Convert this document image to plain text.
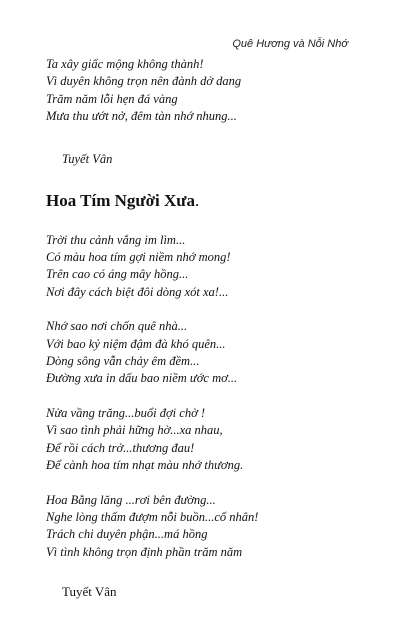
Quê Hương và Nỗi Nhớ
Ta xây giấc mộng không thành!
Vì duyên không trọn nên đành dở dang
Trăm năm lỗi hẹn đá vàng
Mưa thu ướt nở, đêm tàn nhớ nhung...

Tuyết Vân

Hoa Tím Người Xưa.
Trời thu cảnh vắng im lìm...
Có màu hoa tím gợi niềm nhớ mong!
Trên cao có áng mây hồng...
Nơi đây cách biệt đôi dòng xót xa!...
Nhớ sao nơi chốn quê nhà...
Với bao kỷ niệm đậm đà khó quên...
Dòng sông vẫn chảy êm đềm...
Đường xưa in dấu bao niềm ước mơ...
Nửa vầng trăng...buổi đợi chờ !
Vì sao tình phải hững hờ...xa nhau,
Để rồi cách trở...thương đau!
Để cành hoa tím nhạt màu nhớ thương.
Hoa Bằng lăng ...rơi bên đường...
Nghe lòng thấm đượm nỗi buồn...cố nhân!
Trách chi duyên phận...má hồng
Vì tình không trọn định phần trăm năm

Tuyết Vân
